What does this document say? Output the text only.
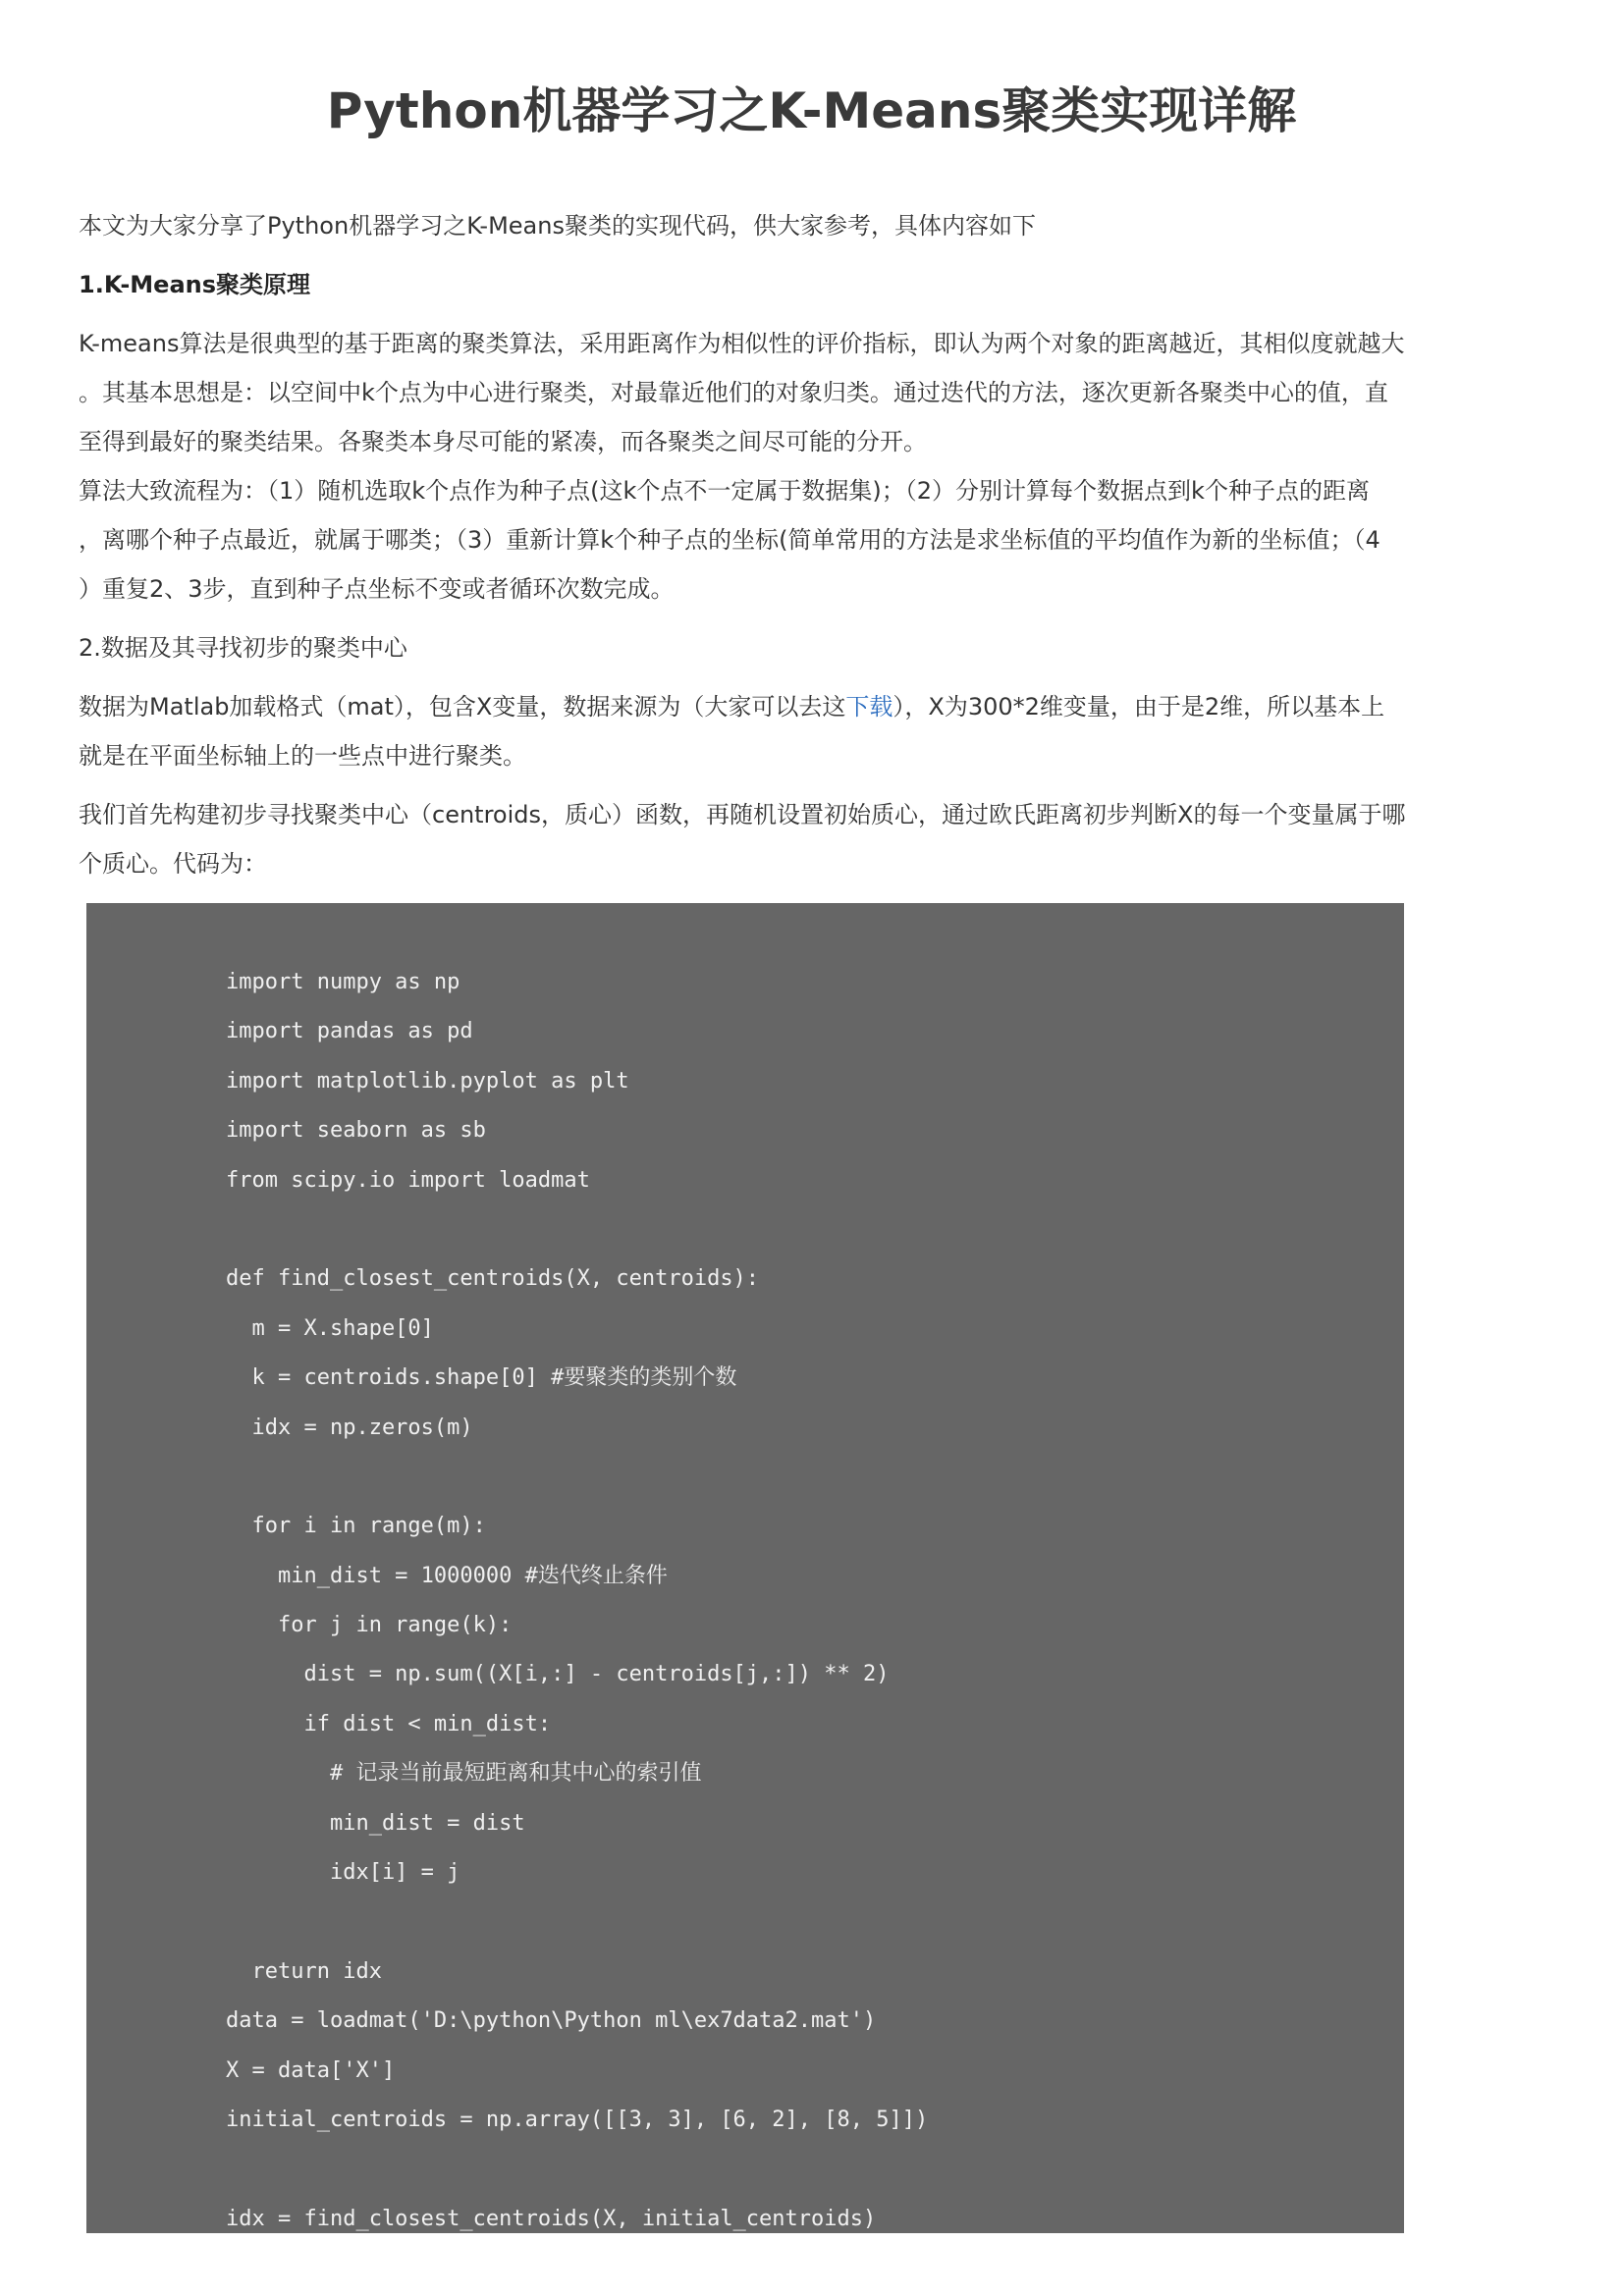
Python机器学习之K-Means聚类实现详解

本文为大家分享了Python机器学习之K-Means聚类的实现代码，供大家参考，具体内容如下

1.K-Means聚类原理

K-means算法是很典型的基于距离的聚类算法，采用距离作为相似性的评价指标，即认为两个对象的距离越近，其相似度就越大

。其基本思想是：以空间中k个点为中心进行聚类，对最靠近他们的对象归类。通过迭代的方法，逐次更新各聚类中心的值，直

至得到最好的聚类结果。各聚类本身尽可能的紧凑，而各聚类之间尽可能的分开。

算法大致流程为：（1）随机选取k个点作为种子点(这k个点不一定属于数据集)；（2）分别计算每个数据点到k个种子点的距离

，离哪个种子点最近，就属于哪类；（3）重新计算k个种子点的坐标(简单常用的方法是求坐标值的平均值作为新的坐标值；（4

）重复2、3步，直到种子点坐标不变或者循环次数完成。

2.数据及其寻找初步的聚类中心

数据为Matlab加载格式（mat），包含X变量，数据来源为（大家可以去这下载），X为300*2维变量，由于是2维，所以基本上

就是在平面坐标轴上的一些点中进行聚类。

我们首先构建初步寻找聚类中心（centroids，质心）函数，再随机设置初始质心，通过欧氏距离初步判断X的每一个变量属于哪

个质心。代码为：

import numpy as np
import pandas as pd
import matplotlib.pyplot as plt
import seaborn as sb
from scipy.io import loadmat
def find_closest_centroids(X, centroids):
m = X.shape[0]
k = centroids.shape[0] #要聚类的类别个数
idx = np.zeros(m)
for i in range(m):
min_dist = 1000000 #迭代终止条件
for j in range(k):
dist = np.sum((X[i,:] - centroids[j,:]) ** 2)
if dist < min_dist:
# 记录当前最短距离和其中心的索引值
min_dist = dist
idx[i] = j
return idx
data = loadmat('D:\python\Python ml\ex7data2.mat')
X = data['X']
initial_centroids = np.array([[3, 3], [6, 2], [8, 5]])
idx = find_closest_centroids(X, initial_centroids)
